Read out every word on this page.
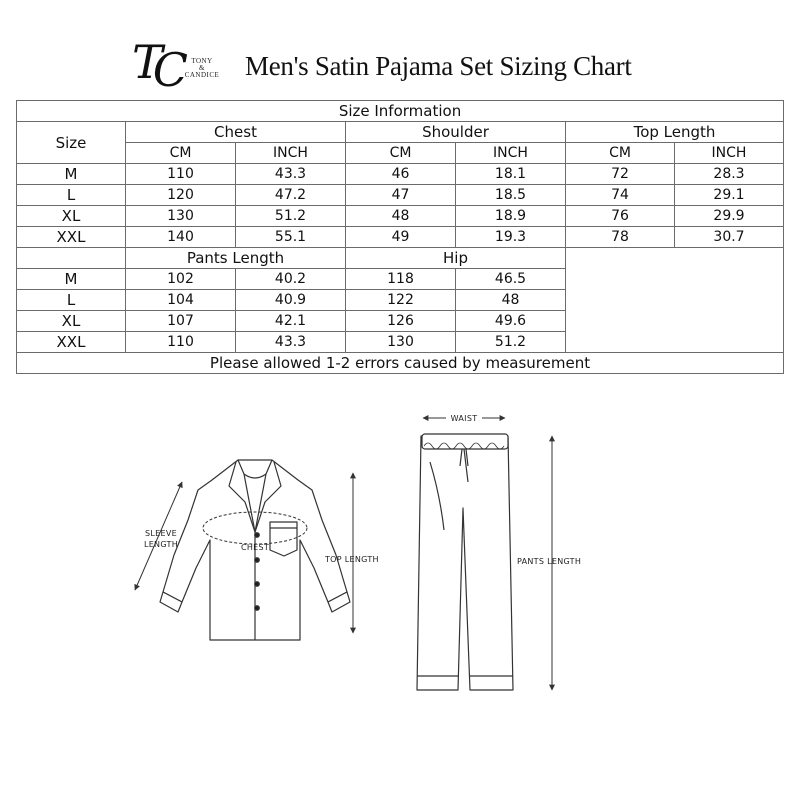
TC	TONY
&
CANDICE Men's Satin Pajama Set Sizing Chart
Size Information						
Size	Chest		Shoulder		Top Length	
	CM	INCH	CM	INCH	CM	INCH
M	110	43.3	46	18.1	72	28.3
L	120	47.2	47	18.5	74	29.1
XL	130	51.2	48	18.9	76	29.9
XXL	140	55.1	49	19.3	78	30.7
	Pants Length		Hip			
M	102	40.2	118	46.5		
L	104	40.9	122	48		
XL	107	42.1	126	49.6		
XXL	110	43.3	130	51.2		
Please allowed 1-2 errors caused by measurement						
SLEEVE
LENGTH	CHEST
TOP LENGTH
WAIST
PANTS LENGTH
